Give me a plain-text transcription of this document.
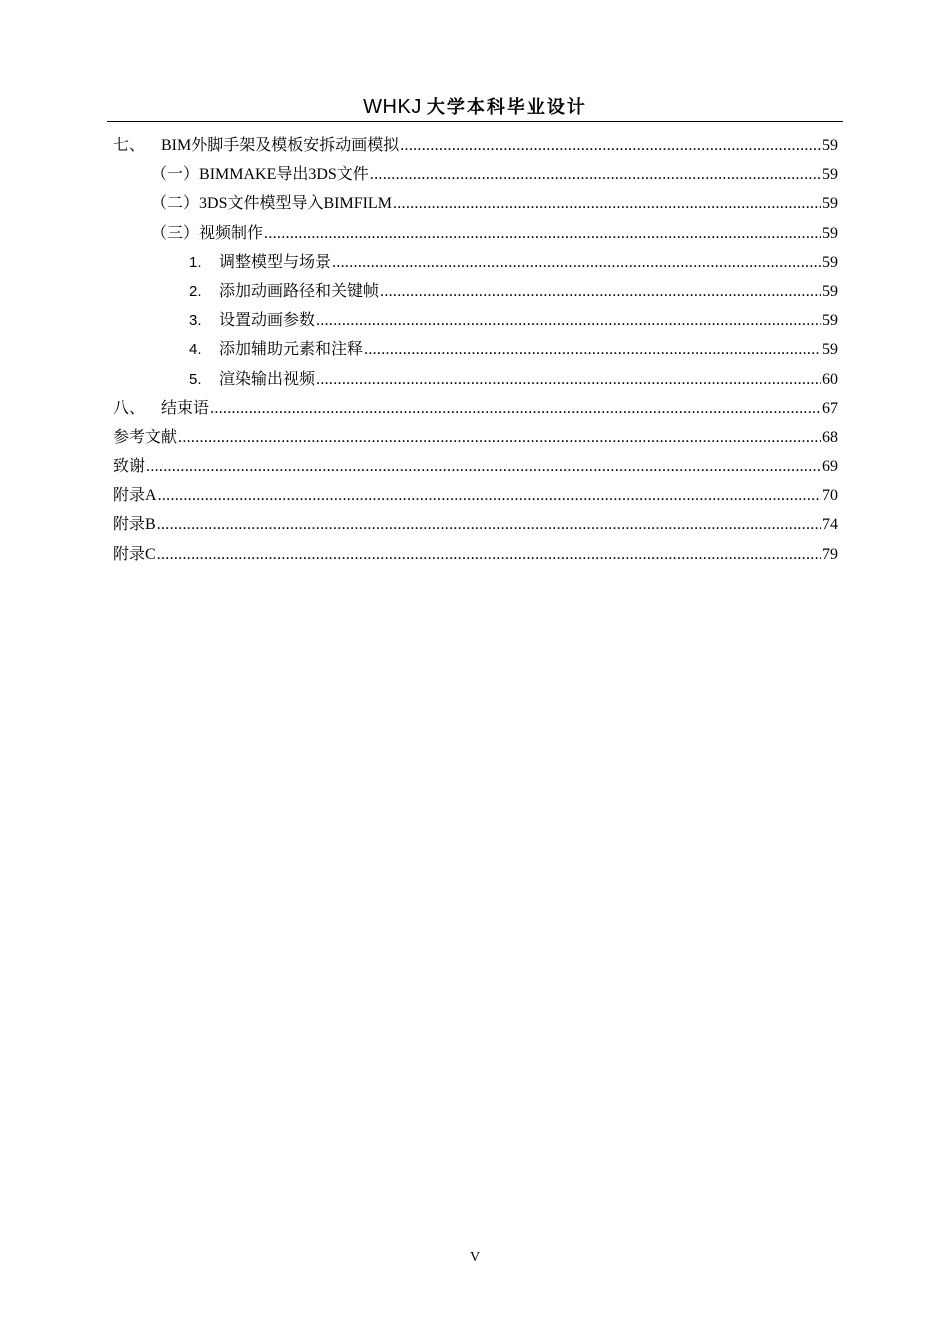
WHKJ 大学本科毕业设计
七、 BIM外脚手架及模板安拆动画模拟 .....	59
（一）BIMMAKE导出3DS文件 .....	59
（二）3DS文件模型导入BIMFILM .....	59
（三）视频制作 .....	59
1. 调整模型与场景 .....	59
2. 添加动画路径和关键帧 .....	59
3. 设置动画参数 .....	59
4. 添加辅助元素和注释 .....	59
5. 渲染输出视频 .....	60
八、 结束语 .....	67
参考文献 .....	68
致谢 .....	69
附录A .....	70
附录B .....	74
附录C .....	79
V
